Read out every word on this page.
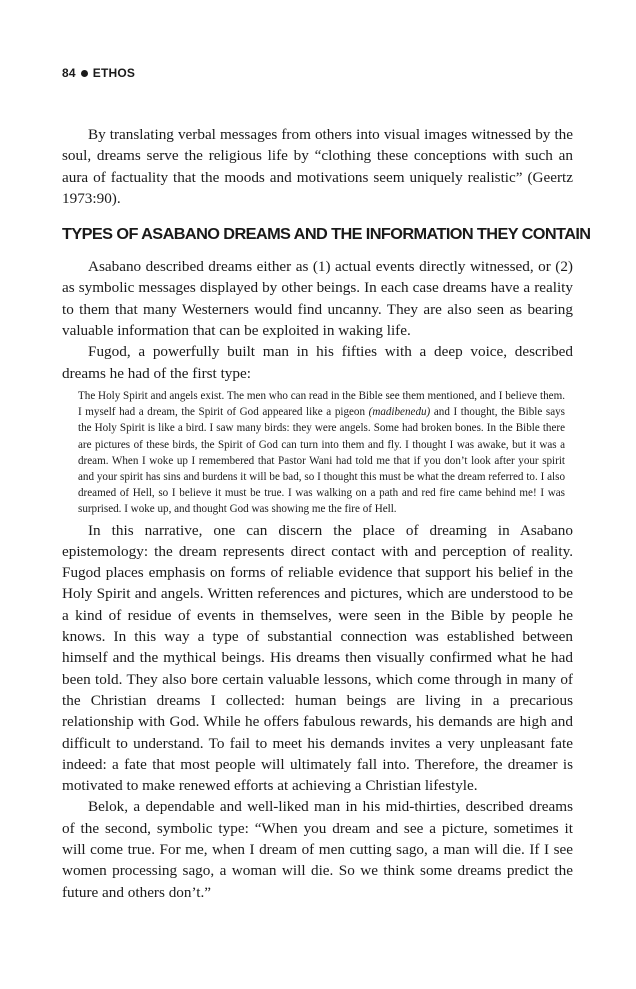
84 ETHOS

By translating verbal messages from others into visual images witnessed by the soul, dreams serve the religious life by “clothing these conceptions with such an aura of factuality that the moods and motivations seem uniquely realistic” (Geertz 1973:90).

TYPES OF ASABANO DREAMS AND THE INFORMATION THEY CONTAIN

Asabano described dreams either as (1) actual events directly witnessed, or (2) as symbolic messages displayed by other beings. In each case dreams have a reality to them that many Westerners would find uncanny. They are also seen as bearing valuable information that can be exploited in waking life.

Fugod, a powerfully built man in his fifties with a deep voice, described dreams he had of the first type:

The Holy Spirit and angels exist. The men who can read in the Bible see them mentioned, and I believe them. I myself had a dream, the Spirit of God appeared like a pigeon (madibenedu) and I thought, the Bible says the Holy Spirit is like a bird. I saw many birds: they were angels. Some had broken bones. In the Bible there are pictures of these birds, the Spirit of God can turn into them and fly. I thought I was awake, but it was a dream. When I woke up I remembered that Pastor Wani had told me that if you don’t look after your spirit and your spirit has sins and burdens it will be bad, so I thought this must be what the dream referred to. I also dreamed of Hell, so I believe it must be true. I was walking on a path and red fire came behind me! I was surprised. I woke up, and thought God was showing me the fire of Hell.

In this narrative, one can discern the place of dreaming in Asabano epistemology: the dream represents direct contact with and perception of reality. Fugod places emphasis on forms of reliable evidence that support his belief in the Holy Spirit and angels. Written references and pictures, which are understood to be a kind of residue of events in themselves, were seen in the Bible by people he knows. In this way a type of substantial connection was established between himself and the mythical beings. His dreams then visually confirmed what he had been told. They also bore certain valuable lessons, which come through in many of the Christian dreams I collected: human beings are living in a precarious relationship with God. While he offers fabulous rewards, his demands are high and difficult to understand. To fail to meet his demands invites a very unpleasant fate indeed: a fate that most people will ultimately fall into. Therefore, the dreamer is motivated to make renewed efforts at achieving a Christian lifestyle.

Belok, a dependable and well-liked man in his mid-thirties, described dreams of the second, symbolic type: “When you dream and see a picture, sometimes it will come true. For me, when I dream of men cutting sago, a man will die. If I see women processing sago, a woman will die. So we think some dreams predict the future and others don’t.”
